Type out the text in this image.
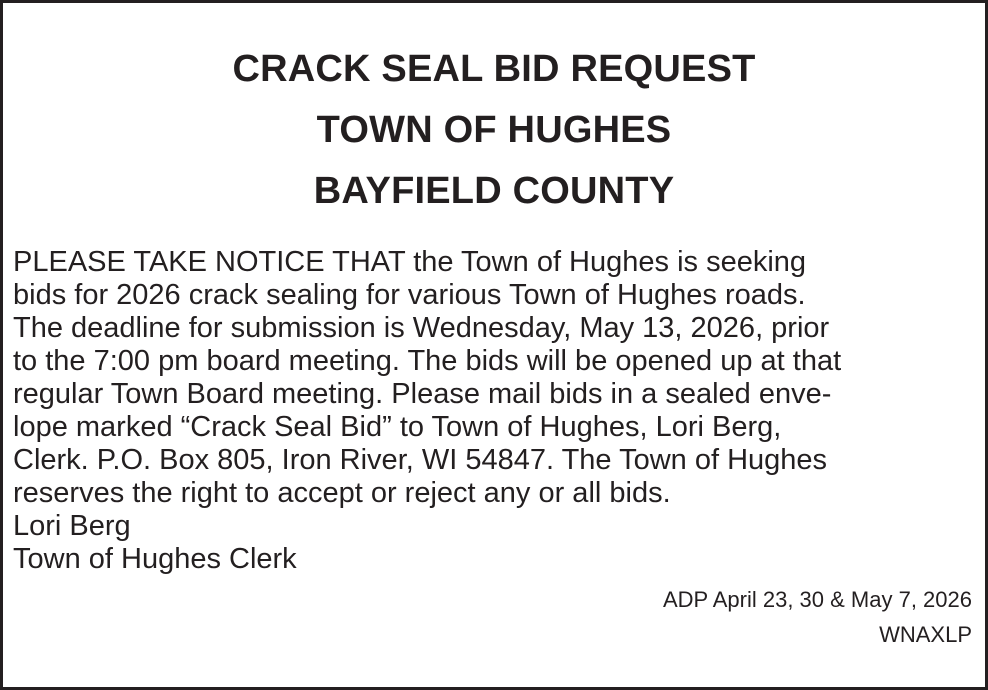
CRACK SEAL BID REQUEST
TOWN OF HUGHES
BAYFIELD COUNTY
PLEASE TAKE NOTICE THAT the Town of Hughes is seeking
bids for 2026 crack sealing for various Town of Hughes roads.
The deadline for submission is Wednesday, May 13, 2026, prior
to the 7:00 pm board meeting. The bids will be opened up at that
regular Town Board meeting. Please mail bids in a sealed enve-
lope marked “Crack Seal Bid” to Town of Hughes, Lori Berg,
Clerk. P.O. Box 805, Iron River, WI 54847. The Town of Hughes
reserves the right to accept or reject any or all bids.
Lori Berg
Town of Hughes Clerk
ADP April 23, 30 & May 7, 2026
WNAXLP
